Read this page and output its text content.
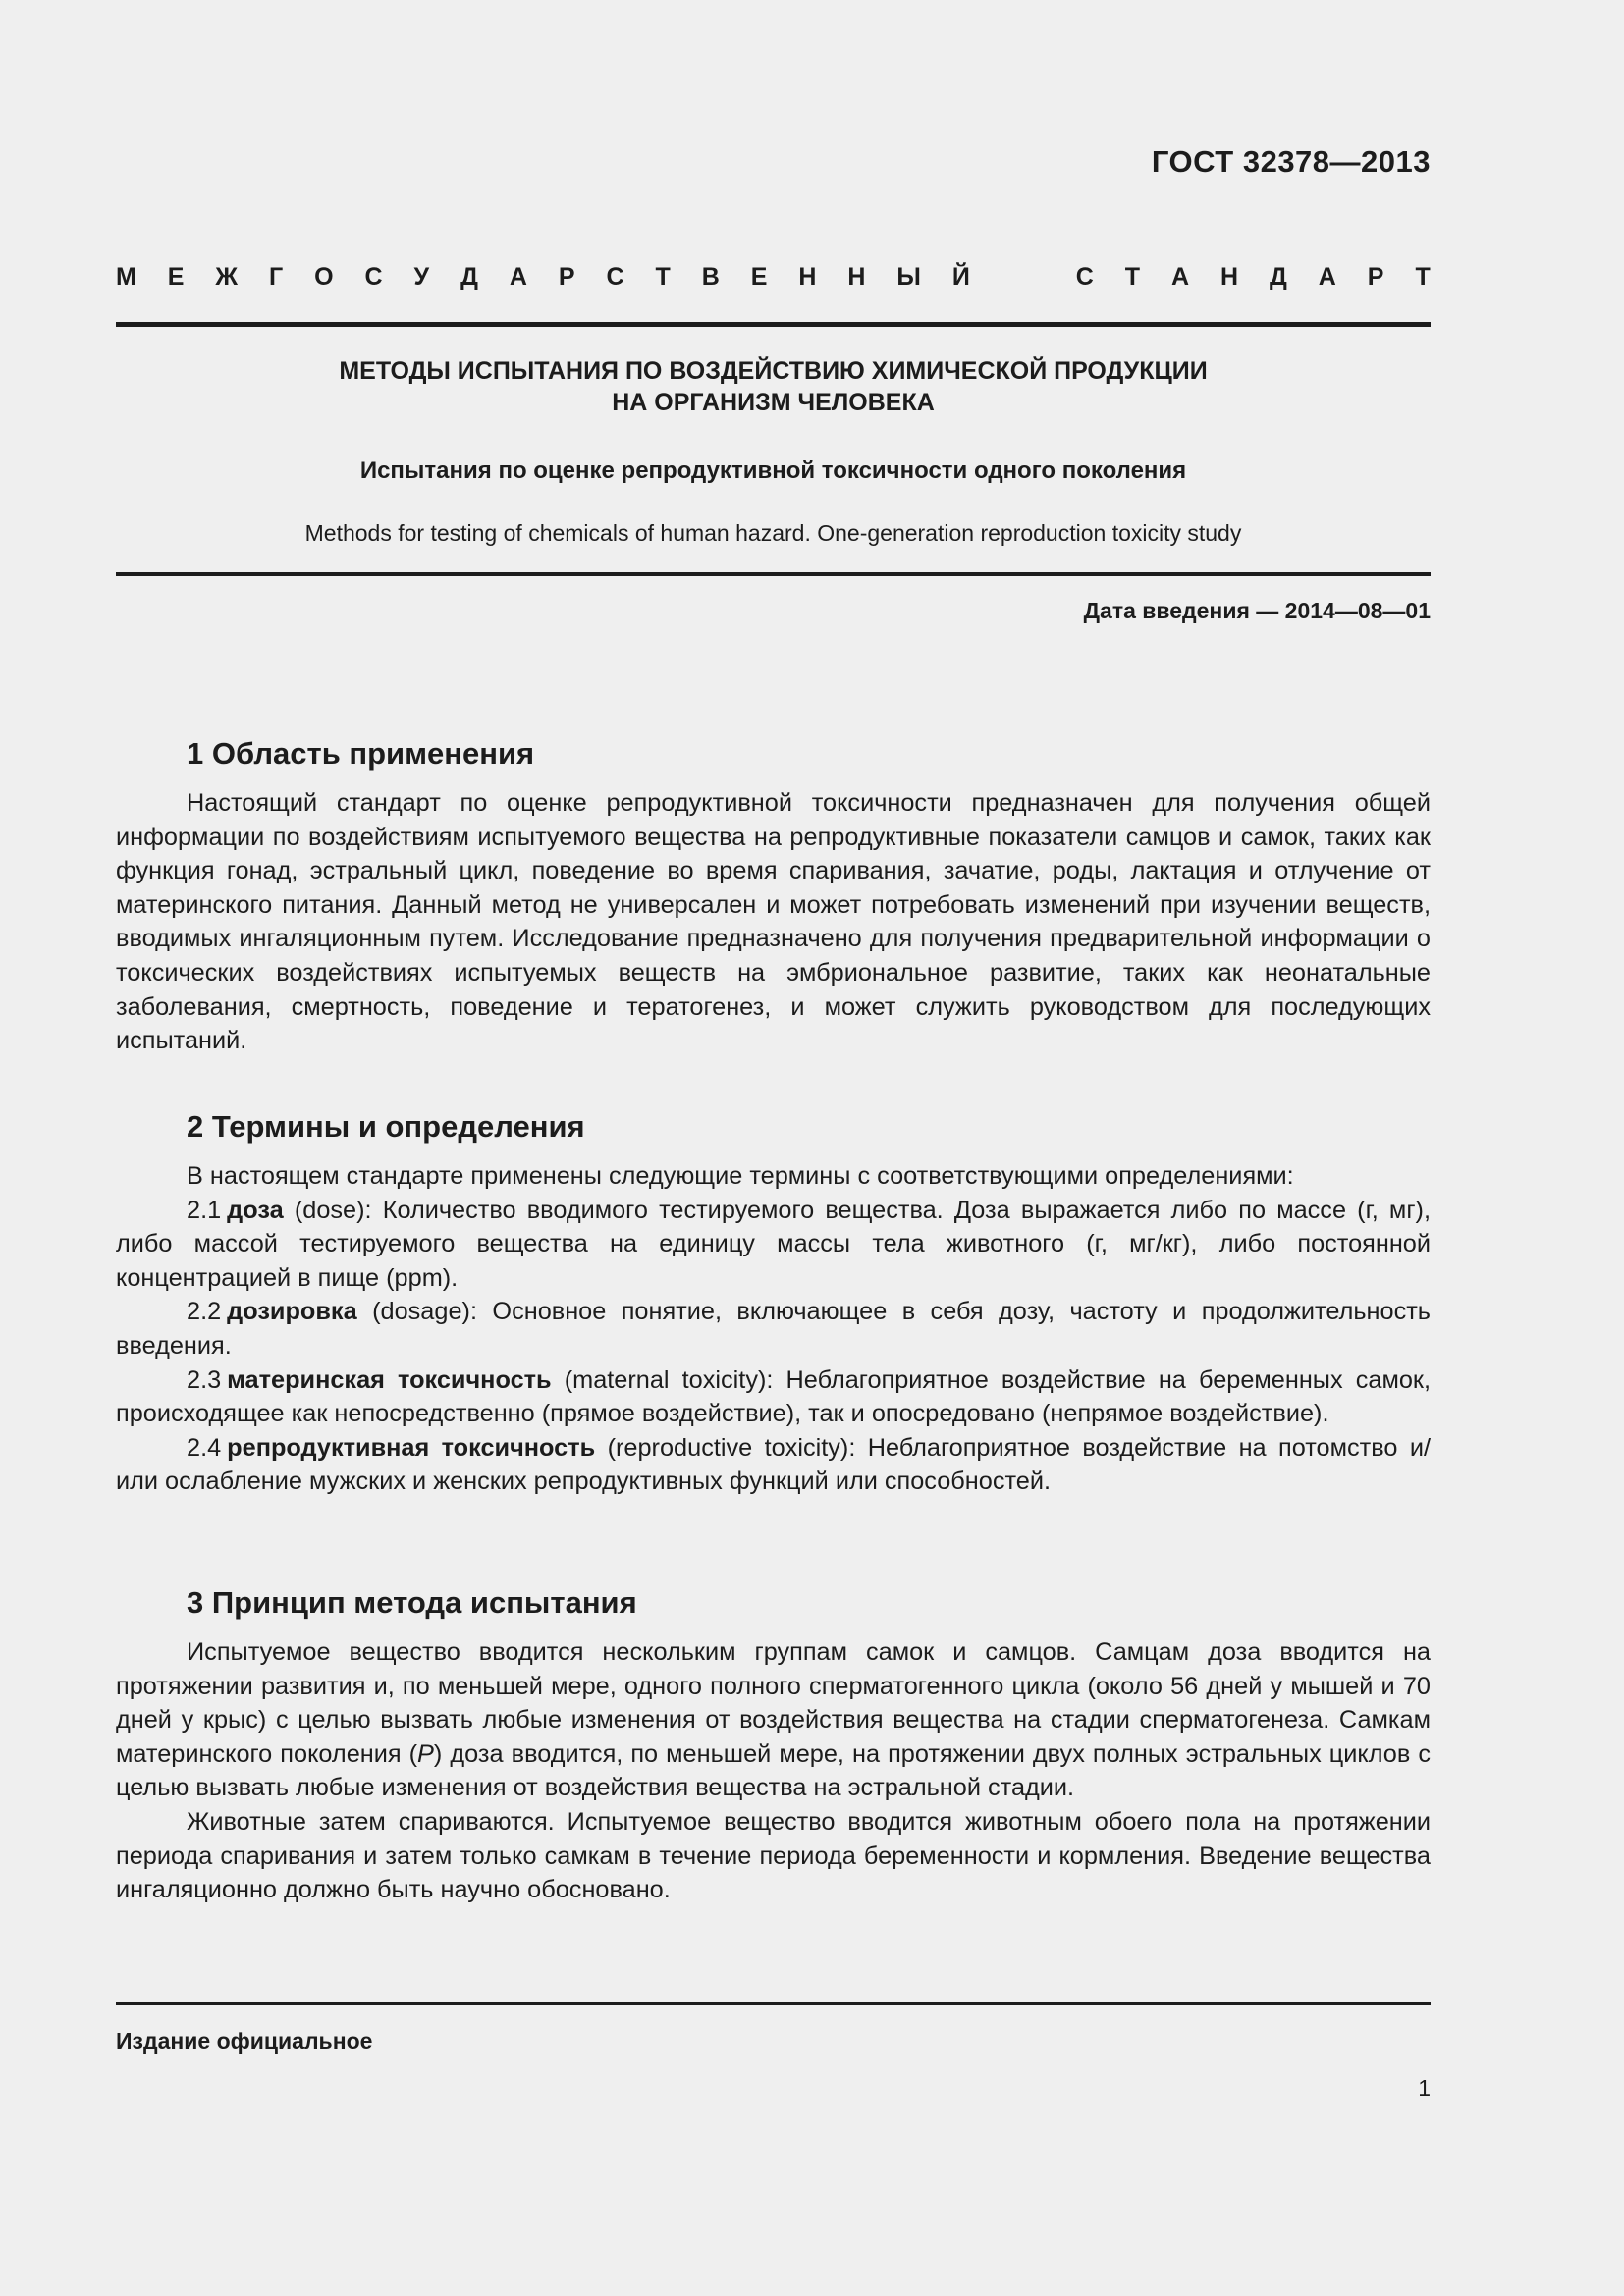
ГОСТ 32378—2013
М Е Ж Г О С У Д А Р С Т В Е Н Н Ы Й	С Т А Н Д А Р Т
МЕТОДЫ ИСПЫТАНИЯ ПО ВОЗДЕЙСТВИЮ ХИМИЧЕСКОЙ ПРОДУКЦИИ
НА ОРГАНИЗМ ЧЕЛОВЕКА
Испытания по оценке репродуктивной токсичности одного поколения
Methods for testing of chemicals of human hazard. One-generation reproduction toxicity study
Дата введения — 2014—08—01
1 Область применения

Настоящий стандарт по оценке репродуктивной токсичности предназначен для получения общей информации по воздействиям испытуемого вещества на репродуктивные показатели самцов и самок, таких как функция гонад, эстральный цикл, поведение во время спаривания, зачатие, роды, лактация и отлучение от материнского питания. Данный метод не универсален и может потребовать изменений при изучении веществ, вводимых ингаляционным путем. Исследование предназначено для получения предварительной информации о токсических воздействиях испытуемых веществ на эмбриональное развитие, таких как неонатальные заболевания, смертность, поведение и тератогенез, и может служить руководством для последующих испытаний.

2 Термины и определения

В настоящем стандарте применены следующие термины с соответствующими определениями:

2.1 доза (dose): Количество вводимого тестируемого вещества. Доза выражается либо по массе (г, мг), либо массой тестируемого вещества на единицу массы тела животного (г, мг/кг), либо постоянной концентрацией в пище (ppm).

2.2 дозировка (dosage): Основное понятие, включающее в себя дозу, частоту и продолжительность введения.

2.3 материнская токсичность (maternal toxicity): Неблагоприятное воздействие на беременных самок, происходящее как непосредственно (прямое воздействие), так и опосредовано (непрямое воздействие).

2.4 репродуктивная токсичность (reproductive toxicity): Неблагоприятное воздействие на потомство и/или ослабление мужских и женских репродуктивных функций или способностей.

3 Принцип метода испытания

Испытуемое вещество вводится нескольким группам самок и самцов. Самцам доза вводится на протяжении развития и, по меньшей мере, одного полного сперматогенного цикла (около 56 дней у мышей и 70 дней у крыс) с целью вызвать любые изменения от воздействия вещества на стадии сперматогенеза. Самкам материнского поколения (P) доза вводится, по меньшей мере, на протяжении двух полных эстральных циклов с целью вызвать любые изменения от воздействия вещества на эстральной стадии.

Животные затем спариваются. Испытуемое вещество вводится животным обоего пола на протяжении периода спаривания и затем только самкам в течение периода беременности и кормления. Введение вещества ингаляционно должно быть научно обосновано.

Издание официальное
1
